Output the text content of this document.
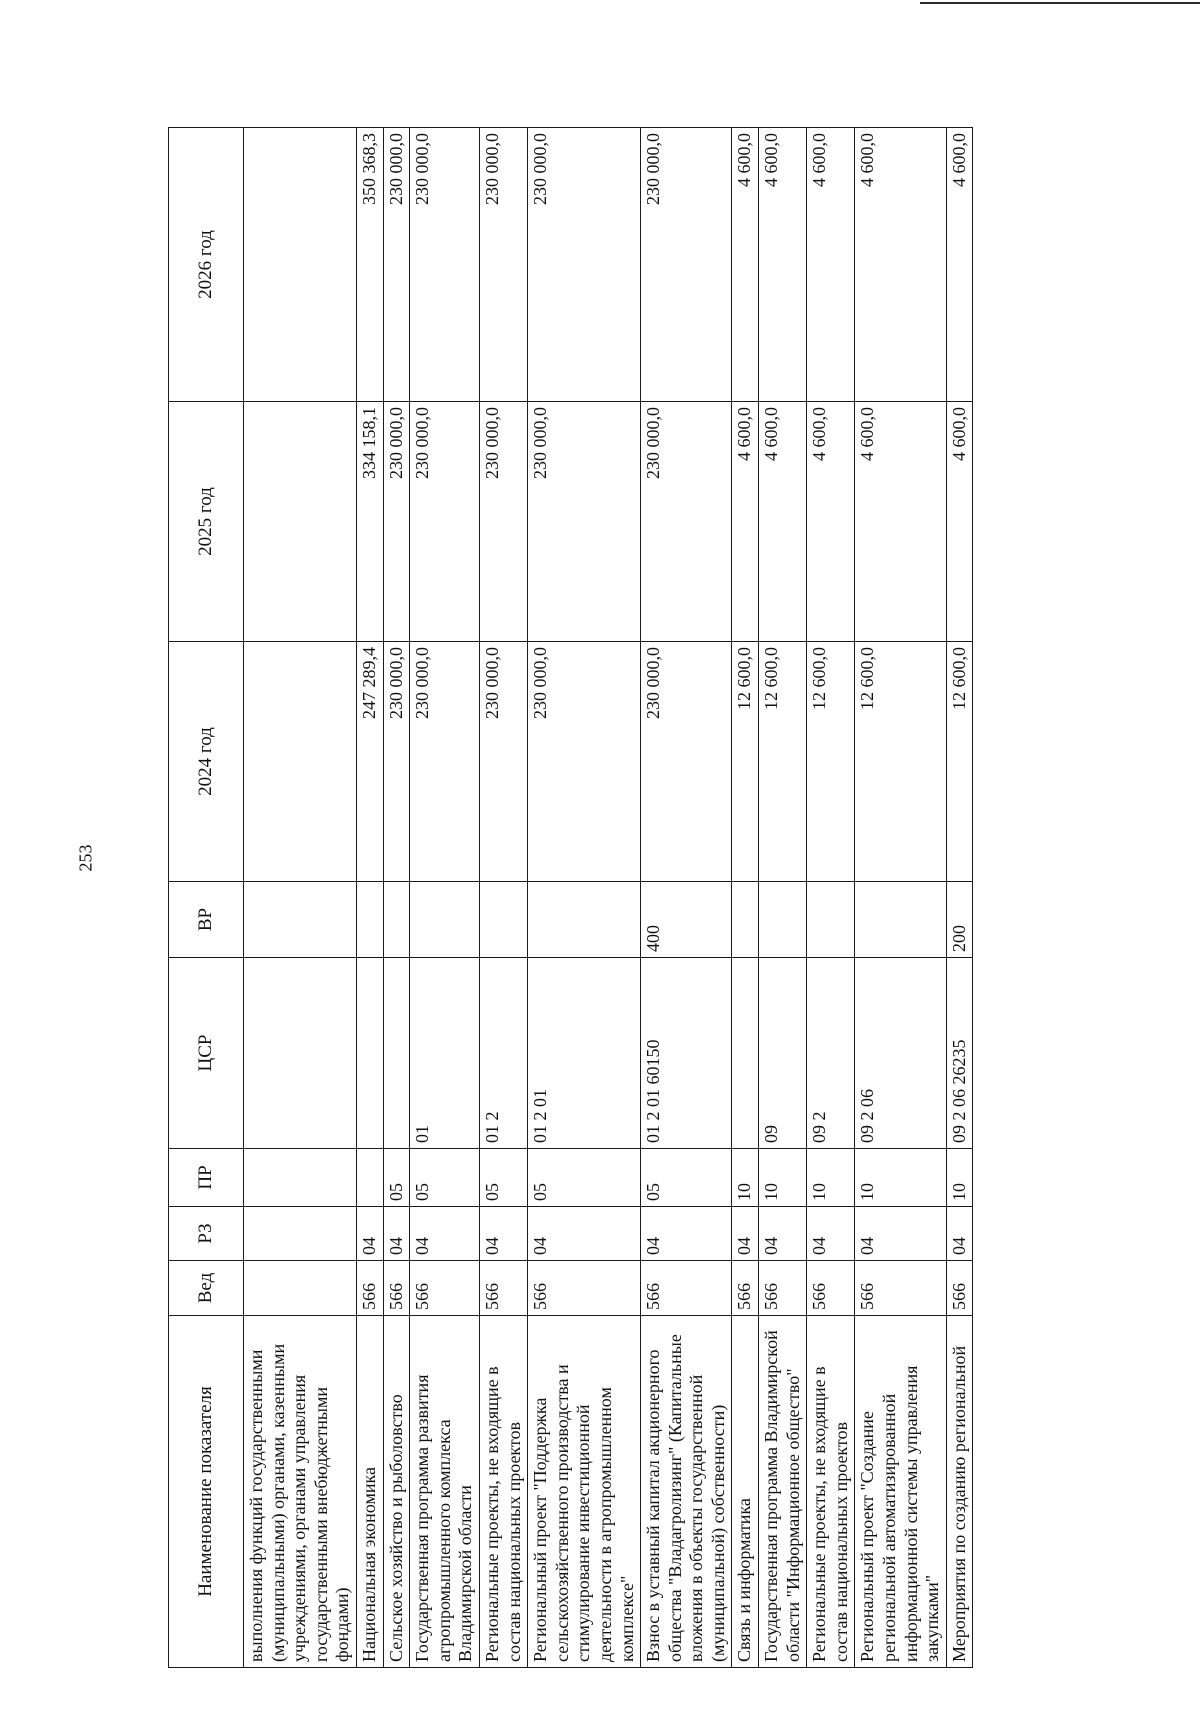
253
Наименование показателя	Вед	РЗ	ПР	ЦСР	ВР	2024 год	2025 год	2026 год
выполнения функций государственными (муниципальными) органами, казенными учреждениями, органами управления государственными внебюджетными фондами)								
Национальная экономика	566	04				247 289,4	334 158,1	350 368,3
Сельское хозяйство и рыболовство	566	04	05			230 000,0	230 000,0	230 000,0
Государственная программа развития агропромышленного комплекса Владимирской области	566	04	05	01		230 000,0	230 000,0	230 000,0
Региональные проекты, не входящие в состав национальных проектов	566	04	05	01 2		230 000,0	230 000,0	230 000,0
Региональный проект "Поддержка сельскохозяйственного производства и стимулирование инвестиционной деятельности в агропромышленном комплексе"	566	04	05	01 2 01		230 000,0	230 000,0	230 000,0
Взнос в уставный капитал акционерного общества "Владагролизинг" (Капитальные вложения в объекты государственной (муниципальной) собственности)	566	04	05	01 2 01 60150	400	230 000,0	230 000,0	230 000,0
Связь и информатика	566	04	10			12 600,0	4 600,0	4 600,0
Государственная программа Владимирской области "Информационное общество"	566	04	10	09		12 600,0	4 600,0	4 600,0
Региональные проекты, не входящие в состав национальных проектов	566	04	10	09 2		12 600,0	4 600,0	4 600,0
Региональный проект "Создание региональной автоматизированной информационной системы управления закупками"	566	04	10	09 2 06		12 600,0	4 600,0	4 600,0
Мероприятия по созданию региональной	566	04	10	09 2 06 26235	200	12 600,0	4 600,0	4 600,0
